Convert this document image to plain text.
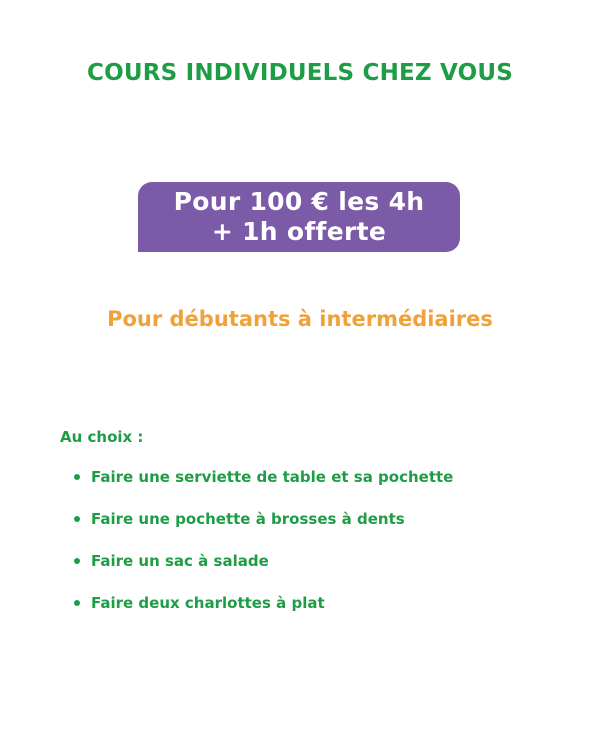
COURS INDIVIDUELS CHEZ VOUS
Pour 100 € les 4h
+ 1h offerte
Pour débutants à intermédiaires

Au choix :

Faire une serviette de table et sa pochette
Faire une pochette à brosses à dents
Faire un sac à salade
Faire deux charlottes à plat
